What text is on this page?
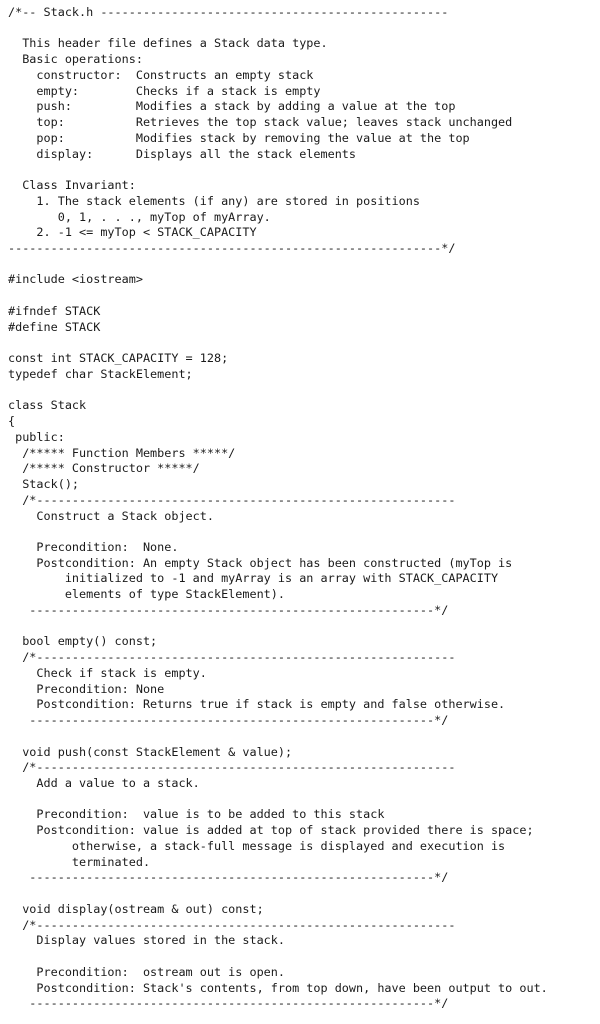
/*-- Stack.h -------------------------------------------------
This header file defines a Stack data type.
Basic operations:
constructor:  Constructs an empty stack
empty:        Checks if a stack is empty
push:         Modifies a stack by adding a value at the top
top:          Retrieves the top stack value; leaves stack unchanged
pop:          Modifies stack by removing the value at the top
display:      Displays all the stack elements
Class Invariant:
1. The stack elements (if any) are stored in positions
0, 1, . . ., myTop of myArray.
2. -1 <= myTop < STACK_CAPACITY
-------------------------------------------------------------*/
#include <iostream>
#ifndef STACK
#define STACK
const int STACK_CAPACITY = 128;
typedef char StackElement;
class Stack
{
public:
/***** Function Members *****/
/***** Constructor *****/
Stack();
/*-----------------------------------------------------------
Construct a Stack object.
Precondition:  None.
Postcondition: An empty Stack object has been constructed (myTop is
initialized to -1 and myArray is an array with STACK_CAPACITY
elements of type StackElement).
---------------------------------------------------------*/
bool empty() const;
/*-----------------------------------------------------------
Check if stack is empty.
Precondition: None
Postcondition: Returns true if stack is empty and false otherwise.
---------------------------------------------------------*/
void push(const StackElement & value);
/*-----------------------------------------------------------
Add a value to a stack.
Precondition:  value is to be added to this stack
Postcondition: value is added at top of stack provided there is space;
otherwise, a stack-full message is displayed and execution is
terminated.
---------------------------------------------------------*/
void display(ostream & out) const;
/*-----------------------------------------------------------
Display values stored in the stack.
Precondition:  ostream out is open.
Postcondition: Stack's contents, from top down, have been output to out.
---------------------------------------------------------*/
